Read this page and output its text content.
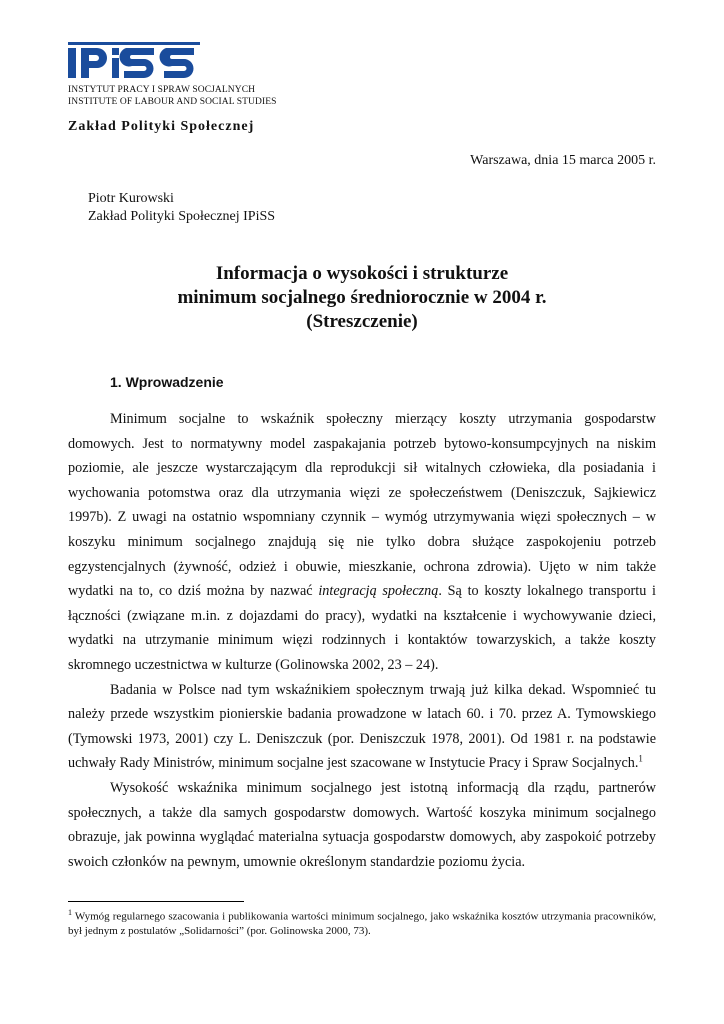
INSTYTUT PRACY I SPRAW SOCJALNYCH
INSTITUTE OF LABOUR AND SOCIAL STUDIES
Zakład Polityki Społecznej
Warszawa, dnia 15 marca 2005 r.
Piotr Kurowski
Zakład Polityki Społecznej IPiSS
Informacja o wysokości i strukturze
minimum socjalnego średniorocznie w 2004 r.
(Streszczenie)
1. Wprowadzenie

Minimum socjalne to wskaźnik społeczny mierzący koszty utrzymania gospodarstw domowych. Jest to normatywny model zaspakajania potrzeb bytowo-konsumpcyjnych na niskim poziomie, ale jeszcze wystarczającym dla reprodukcji sił witalnych człowieka, dla posiadania i wychowania potomstwa oraz dla utrzymania więzi ze społeczeństwem (Deniszczuk, Sajkiewicz 1997b). Z uwagi na ostatnio wspomniany czynnik – wymóg utrzymywania więzi społecznych – w koszyku minimum socjalnego znajdują się nie tylko dobra służące zaspokojeniu potrzeb egzystencjalnych (żywność, odzież i obuwie, mieszkanie, ochrona zdrowia). Ujęto w nim także wydatki na to, co dziś można by nazwać integracją społeczną. Są to koszty lokalnego transportu i łączności (związane m.in. z dojazdami do pracy), wydatki na kształcenie i wychowywanie dzieci, wydatki na utrzymanie minimum więzi rodzinnych i kontaktów towarzyskich, a także koszty skromnego uczestnictwa w kulturze (Golinowska 2002, 23 – 24).

Badania w Polsce nad tym wskaźnikiem społecznym trwają już kilka dekad. Wspomnieć tu należy przede wszystkim pionierskie badania prowadzone w latach 60. i 70. przez A. Tymowskiego (Tymowski 1973, 2001) czy L. Deniszczuk (por. Deniszczuk 1978, 2001). Od 1981 r. na podstawie uchwały Rady Ministrów, minimum socjalne jest szacowane w Instytucie Pracy i Spraw Socjalnych.$^1$

Wysokość wskaźnika minimum socjalnego jest istotną informacją dla rządu, partnerów społecznych, a także dla samych gospodarstw domowych. Wartość koszyka minimum socjalnego obrazuje, jak powinna wyglądać materialna sytuacja gospodarstw domowych, aby zaspokoić potrzeby swoich członków na pewnym, umownie określonym standardzie poziomu życia.

$^1$ Wymóg regularnego szacowania i publikowania wartości minimum socjalnego, jako wskaźnika kosztów utrzymania pracowników, był jednym z postulatów „Solidarności” (por. Golinowska 2000, 73).
